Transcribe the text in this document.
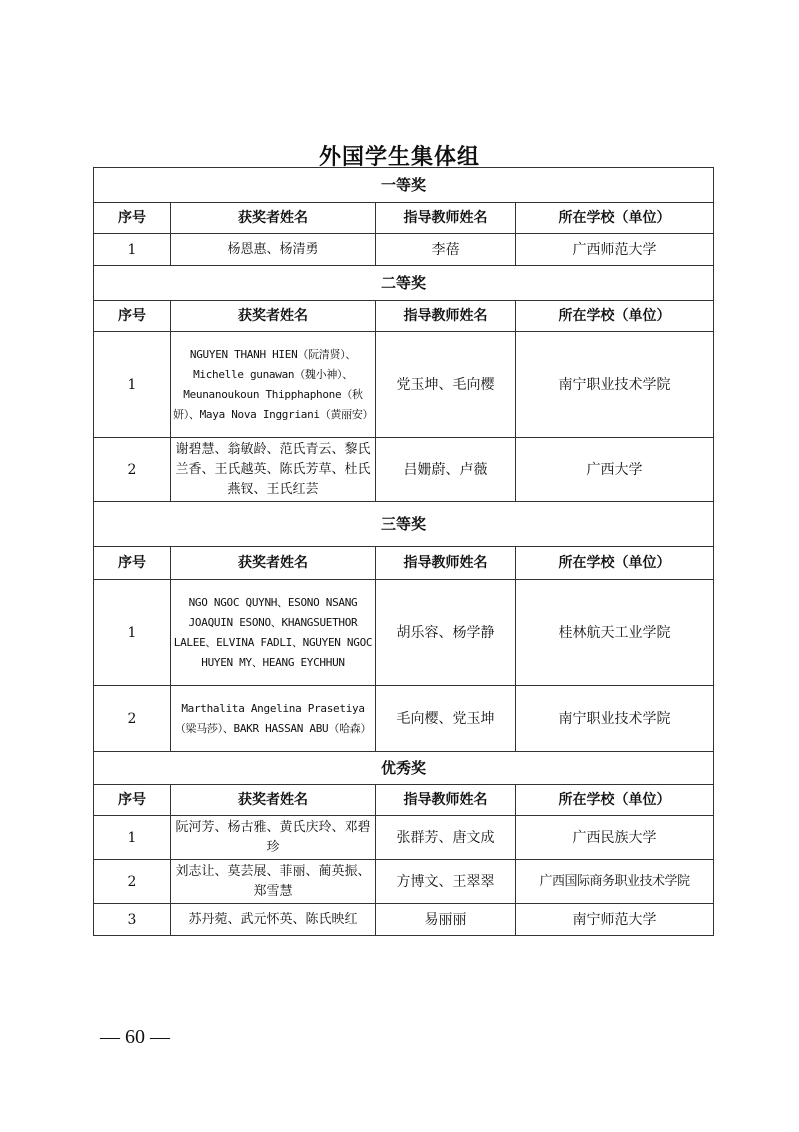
外国学生集体组
一等奖			
序号	获奖者姓名	指导教师姓名	所在学校（单位）
1	杨恩惠、杨清勇	李蓓	广西师范大学
二等奖			
序号	获奖者姓名	指导教师姓名	所在学校（单位）
1	NGUYEN THANH HIEN（阮清贤）、Michelle gunawan（魏小神）、Meunanoukoun Thipphaphone（秋妍）、Maya Nova Inggriani（黄丽安）	党玉坤、毛向樱	南宁职业技术学院
2	谢碧慧、翁敏龄、范氏青云、黎氏兰香、王氏越英、陈氏芳草、杜氏燕钗、王氏红芸	吕姗蔚、卢薇	广西大学
三等奖			
序号	获奖者姓名	指导教师姓名	所在学校（单位）
1	NGO NGOC QUYNH、ESONO NSANG JOAQUIN ESONO、KHANGSUETHOR LALEE、ELVINA FADLI、NGUYEN NGOC HUYEN MY、HEANG EYCHHUN	胡乐容、杨学静	桂林航天工业学院
2	Marthalita Angelina Prasetiya（梁马莎）、BAKR HASSAN ABU（哈森）	毛向樱、党玉坤	南宁职业技术学院
优秀奖			
序号	获奖者姓名	指导教师姓名	所在学校（单位）
1	阮河芳、杨古雅、黄氏庆玲、邓碧珍	张群芳、唐文成	广西民族大学
2	刘志让、莫芸展、菲丽、蔺英振、郑雪慧	方博文、王翠翠	广西国际商务职业技术学院
3	苏丹菀、武元怀英、陈氏映红	易丽丽	南宁师范大学
— 60 —
